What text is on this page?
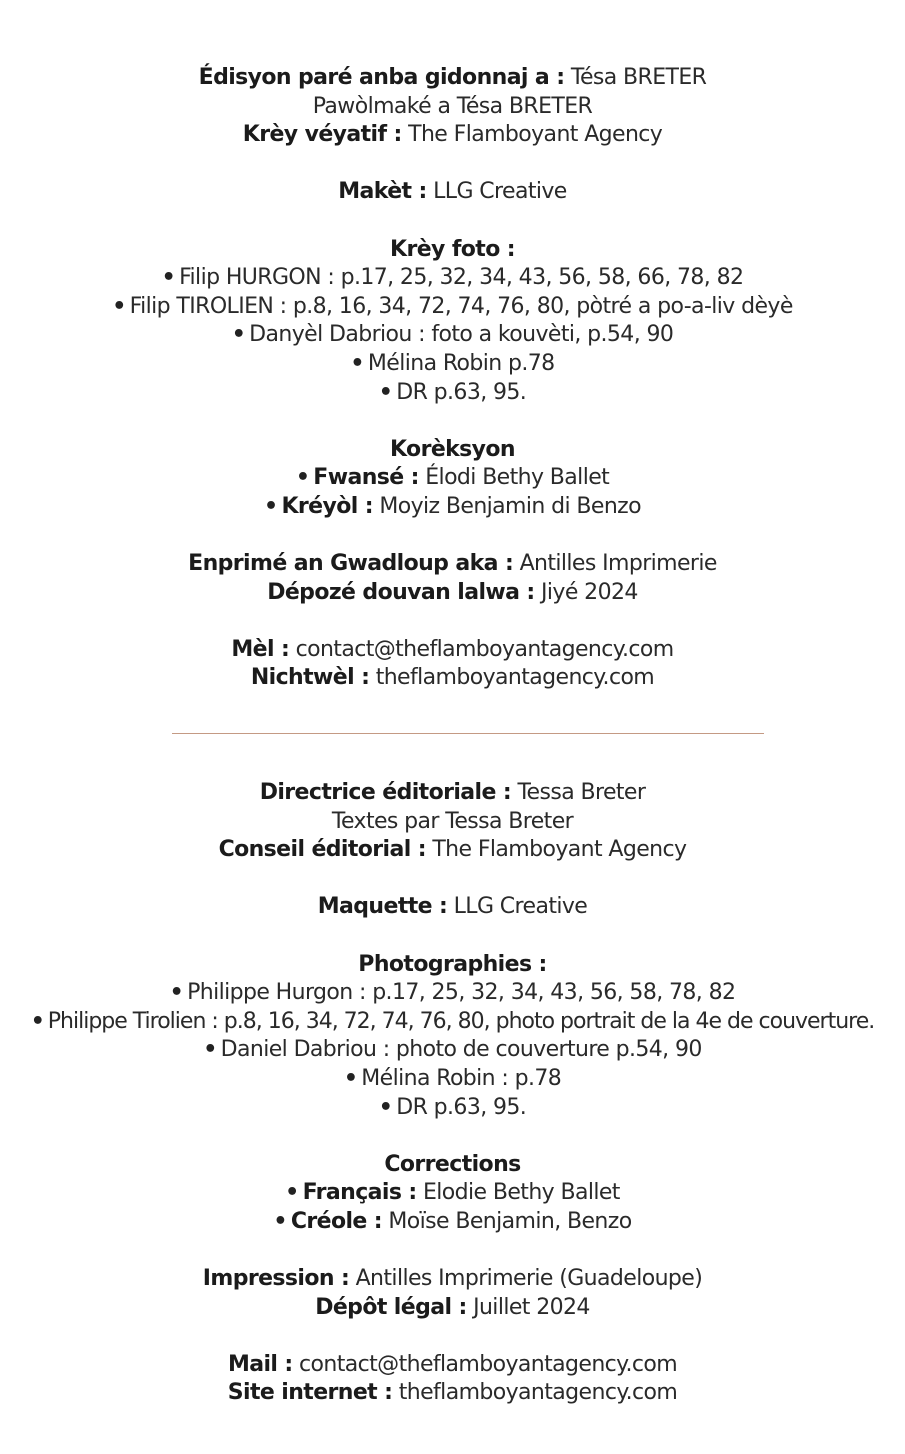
Édisyon paré anba gidonnaj a : Tésa BRETER
Pawòlmaké a Tésa BRETER
Krèy véyatif : The Flamboyant Agency
Makèt : LLG Creative
Krèy foto :
• Filip HURGON : p.17, 25, 32, 34, 43, 56, 58, 66, 78, 82
• Filip TIROLIEN : p.8, 16, 34, 72, 74, 76, 80, pòtré a po-a-liv dèyè
• Danyèl Dabriou : foto a kouvèti, p.54, 90
• Mélina Robin p.78
• DR p.63, 95.
Korèksyon
• Fwansé : Élodi Bethy Ballet
• Kréyòl : Moyiz Benjamin di Benzo
Enprimé an Gwadloup aka : Antilles Imprimerie
Dépozé douvan lalwa : Jiyé 2024
Mèl : contact@theflamboyantagency.com
Nichtwèl : theflamboyantagency.com
Directrice éditoriale : Tessa Breter
Textes par Tessa Breter
Conseil éditorial : The Flamboyant Agency
Maquette : LLG Creative
Photographies :
• Philippe Hurgon : p.17, 25, 32, 34, 43, 56, 58, 78, 82
• Philippe Tirolien : p.8, 16, 34, 72, 74, 76, 80, photo portrait de la 4e de couverture.
• Daniel Dabriou : photo de couverture p.54, 90
• Mélina Robin : p.78
• DR p.63, 95.
Corrections
• Français : Elodie Bethy Ballet
• Créole : Moïse Benjamin, Benzo
Impression : Antilles Imprimerie (Guadeloupe)
Dépôt légal : Juillet 2024
Mail : contact@theflamboyantagency.com
Site internet : theflamboyantagency.com
